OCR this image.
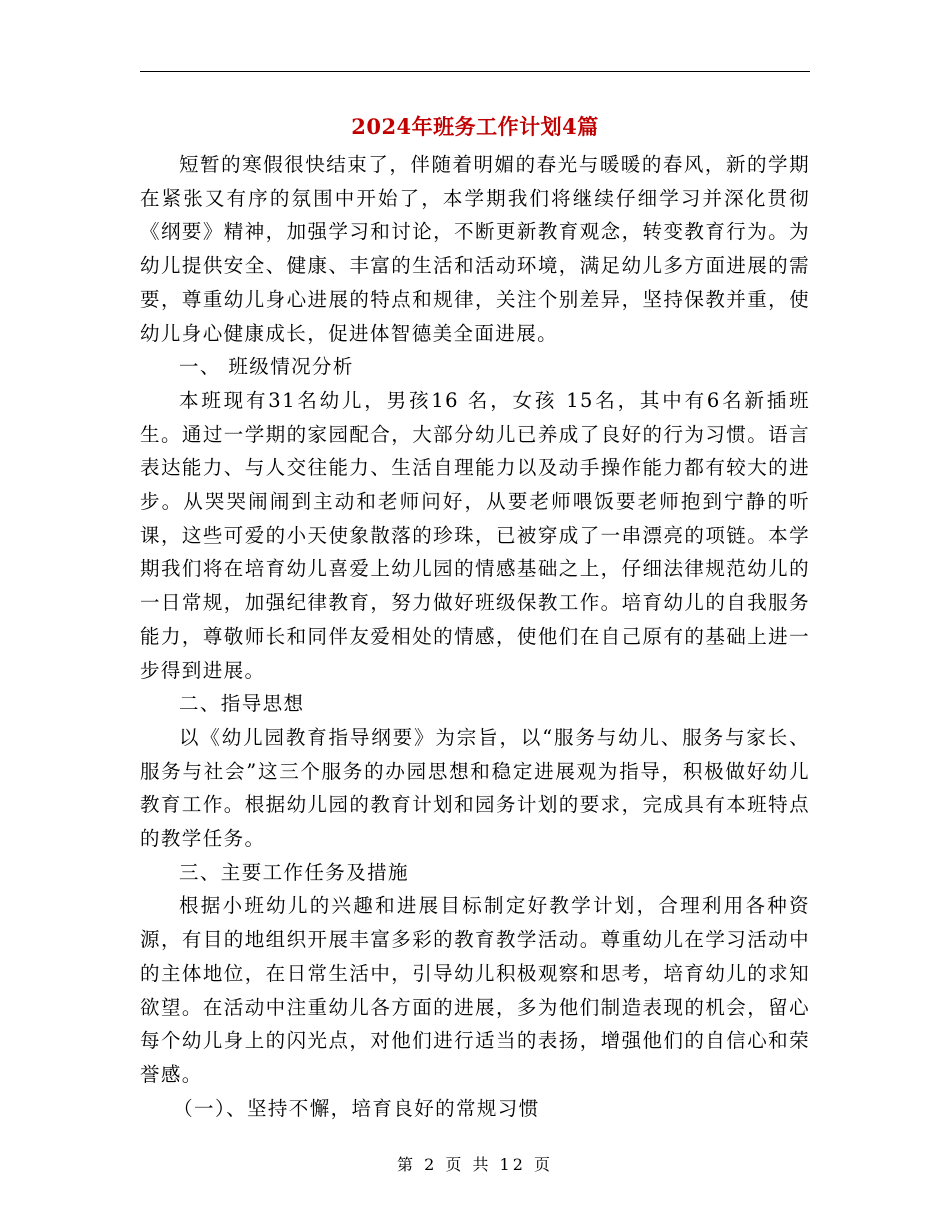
2024年班务工作计划4篇

短暂的寒假很快结束了，伴随着明媚的春光与暖暖的春风，新的学期在紧张又有序的氛围中开始了，本学期我们将继续仔细学习并深化贯彻《纲要》精神，加强学习和讨论，不断更新教育观念，转变教育行为。为幼儿提供安全、健康、丰富的生活和活动环境，满足幼儿多方面进展的需要，尊重幼儿身心进展的特点和规律，关注个别差异，坚持保教并重，使幼儿身心健康成长，促进体智德美全面进展。

一、 班级情况分析

本班现有31名幼儿，男孩16 名，女孩 15名，其中有6名新插班生。通过一学期的家园配合，大部分幼儿已养成了良好的行为习惯。语言表达能力、与人交往能力、生活自理能力以及动手操作能力都有较大的进步。从哭哭闹闹到主动和老师问好，从要老师喂饭要老师抱到宁静的听课，这些可爱的小天使象散落的珍珠，已被穿成了一串漂亮的项链。本学期我们将在培育幼儿喜爱上幼儿园的情感基础之上，仔细法律规范幼儿的一日常规，加强纪律教育，努力做好班级保教工作。培育幼儿的自我服务能力，尊敬师长和同伴友爱相处的情感，使他们在自己原有的基础上进一步得到进展。

二、指导思想

以《幼儿园教育指导纲要》为宗旨，以“服务与幼儿、服务与家长、服务与社会”这三个服务的办园思想和稳定进展观为指导，积极做好幼儿教育工作。根据幼儿园的教育计划和园务计划的要求，完成具有本班特点的教学任务。

三、主要工作任务及措施

根据小班幼儿的兴趣和进展目标制定好教学计划，合理利用各种资源，有目的地组织开展丰富多彩的教育教学活动。尊重幼儿在学习活动中的主体地位，在日常生活中，引导幼儿积极观察和思考，培育幼儿的求知欲望。在活动中注重幼儿各方面的进展，多为他们制造表现的机会，留心每个幼儿身上的闪光点，对他们进行适当的表扬，增强他们的自信心和荣誉感。

（一）、坚持不懈，培育良好的常规习惯

第 2 页 共 12 页
